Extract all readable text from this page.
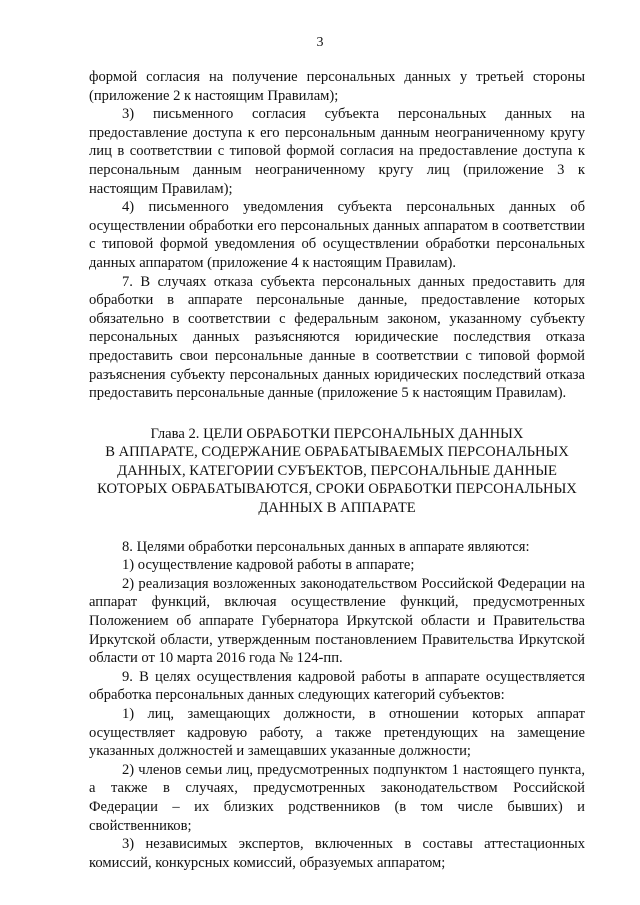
3

формой согласия на получение персональных данных у третьей стороны (приложение 2 к настоящим Правилам);

3) письменного согласия субъекта персональных данных на предоставление доступа к его персональным данным неограниченному кругу лиц в соответствии с типовой формой согласия на предоставление доступа к персональным данным неограниченному кругу лиц (приложение 3 к настоящим Правилам);

4) письменного уведомления субъекта персональных данных об осуществлении обработки его персональных данных аппаратом в соответствии с типовой формой уведомления об осуществлении обработки персональных данных аппаратом (приложение 4 к настоящим Правилам).

7. В случаях отказа субъекта персональных данных предоставить для обработки в аппарате персональные данные, предоставление которых обязательно в соответствии с федеральным законом, указанному субъекту персональных данных разъясняются юридические последствия отказа предоставить свои персональные данные в соответствии с типовой формой разъяснения субъекту персональных данных юридических последствий отказа предоставить персональные данные (приложение 5 к настоящим Правилам).

Глава 2. ЦЕЛИ ОБРАБОТКИ ПЕРСОНАЛЬНЫХ ДАННЫХ
В АППАРАТЕ, СОДЕРЖАНИЕ ОБРАБАТЫВАЕМЫХ ПЕРСОНАЛЬНЫХ
ДАННЫХ, КАТЕГОРИИ СУБЪЕКТОВ, ПЕРСОНАЛЬНЫЕ ДАННЫЕ
КОТОРЫХ ОБРАБАТЫВАЮТСЯ, СРОКИ ОБРАБОТКИ ПЕРСОНАЛЬНЫХ
ДАННЫХ В АППАРАТЕ

8. Целями обработки персональных данных в аппарате являются:

1) осуществление кадровой работы в аппарате;

2) реализация возложенных законодательством Российской Федерации на аппарат функций, включая осуществление функций, предусмотренных Положением об аппарате Губернатора Иркутской области и Правительства Иркутской области, утвержденным постановлением Правительства Иркутской области от 10 марта 2016 года № 124-пп.

9. В целях осуществления кадровой работы в аппарате осуществляется обработка персональных данных следующих категорий субъектов:

1) лиц, замещающих должности, в отношении которых аппарат осуществляет кадровую работу, а также претендующих на замещение указанных должностей и замещавших указанные должности;

2) членов семьи лиц, предусмотренных подпунктом 1 настоящего пункта, а также в случаях, предусмотренных законодательством Российской Федерации – их близких родственников (в том числе бывших) и свойственников;

3) независимых экспертов, включенных в составы аттестационных комиссий, конкурсных комиссий, образуемых аппаратом;
